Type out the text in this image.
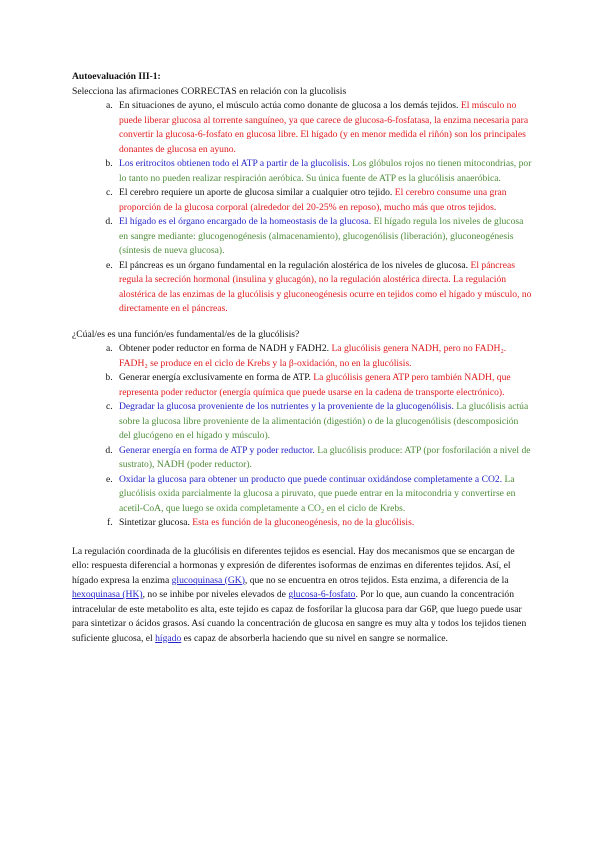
Autoevaluación III-1:

Selecciona las afirmaciones CORRECTAS en relación con la glucolisis

a. En situaciones de ayuno, el músculo actúa como donante de glucosa a los demás tejidos. El músculo no puede liberar glucosa al torrente sanguíneo, ya que carece de glucosa-6-fosfatasa, la enzima necesaria para convertir la glucosa-6-fosfato en glucosa libre. El hígado (y en menor medida el riñón) son los principales donantes de glucosa en ayuno.
b. Los eritrocitos obtienen todo el ATP a partir de la glucolisis. Los glóbulos rojos no tienen mitocondrias, por lo tanto no pueden realizar respiración aeróbica. Su única fuente de ATP es la glucólisis anaeróbica.
c. El cerebro requiere un aporte de glucosa similar a cualquier otro tejido. El cerebro consume una gran proporción de la glucosa corporal (alrededor del 20-25% en reposo), mucho más que otros tejidos.
d. El hígado es el órgano encargado de la homeostasis de la glucosa. El hígado regula los niveles de glucosa en sangre mediante: glucogenogénesis (almacenamiento), glucogenólisis (liberación), gluconeogénesis (síntesis de nueva glucosa).
e. El páncreas es un órgano fundamental en la regulación alostérica de los niveles de glucosa. El páncreas regula la secreción hormonal (insulina y glucagón), no la regulación alostérica directa. La regulación alostérica de las enzimas de la glucólisis y gluconeogénesis ocurre en tejidos como el hígado y músculo, no directamente en el páncreas.

¿Cúal/es es una función/es fundamental/es de la glucólisis?

a. Obtener poder reductor en forma de NADH y FADH2. La glucólisis genera NADH, pero no FADH₂. FADH₂ se produce en el ciclo de Krebs y la β-oxidación, no en la glucólisis.
b. Generar energía exclusivamente en forma de ATP. La glucólisis genera ATP pero también NADH, que representa poder reductor (energía química que puede usarse en la cadena de transporte electrónico).
c. Degradar la glucosa proveniente de los nutrientes y la proveniente de la glucogenólisis. La glucólisis actúa sobre la glucosa libre proveniente de la alimentación (digestión) o de la glucogenólisis (descomposición del glucógeno en el hígado y músculo).
d. Generar energía en forma de ATP y poder reductor. La glucólisis produce: ATP (por fosforilación a nivel de sustrato), NADH (poder reductor).
e. Oxidar la glucosa para obtener un producto que puede continuar oxidándose completamente a CO2. La glucólisis oxida parcialmente la glucosa a piruvato, que puede entrar en la mitocondria y convertirse en acetil-CoA, que luego se oxida completamente a CO₂ en el ciclo de Krebs.
f. Sintetizar glucosa. Esta es función de la gluconeogénesis, no de la glucólisis.

La regulación coordinada de la glucólisis en diferentes tejidos es esencial. Hay dos mecanismos que se encargan de ello: respuesta diferencial a hormonas y expresión de diferentes isoformas de enzimas en diferentes tejidos. Así, el hígado expresa la enzima glucoquinasa (GK), que no se encuentra en otros tejidos. Esta enzima, a diferencia de la hexoquinasa (HK), no se inhibe por niveles elevados de glucosa-6-fosfato. Por lo que, aun cuando la concentración intracelular de este metabolito es alta, este tejido es capaz de fosforilar la glucosa para dar G6P, que luego puede usar para sintetizar o ácidos grasos. Así cuando la concentración de glucosa en sangre es muy alta y todos los tejidos tienen suficiente glucosa, el hígado es capaz de absorberla haciendo que su nivel en sangre se normalice.
